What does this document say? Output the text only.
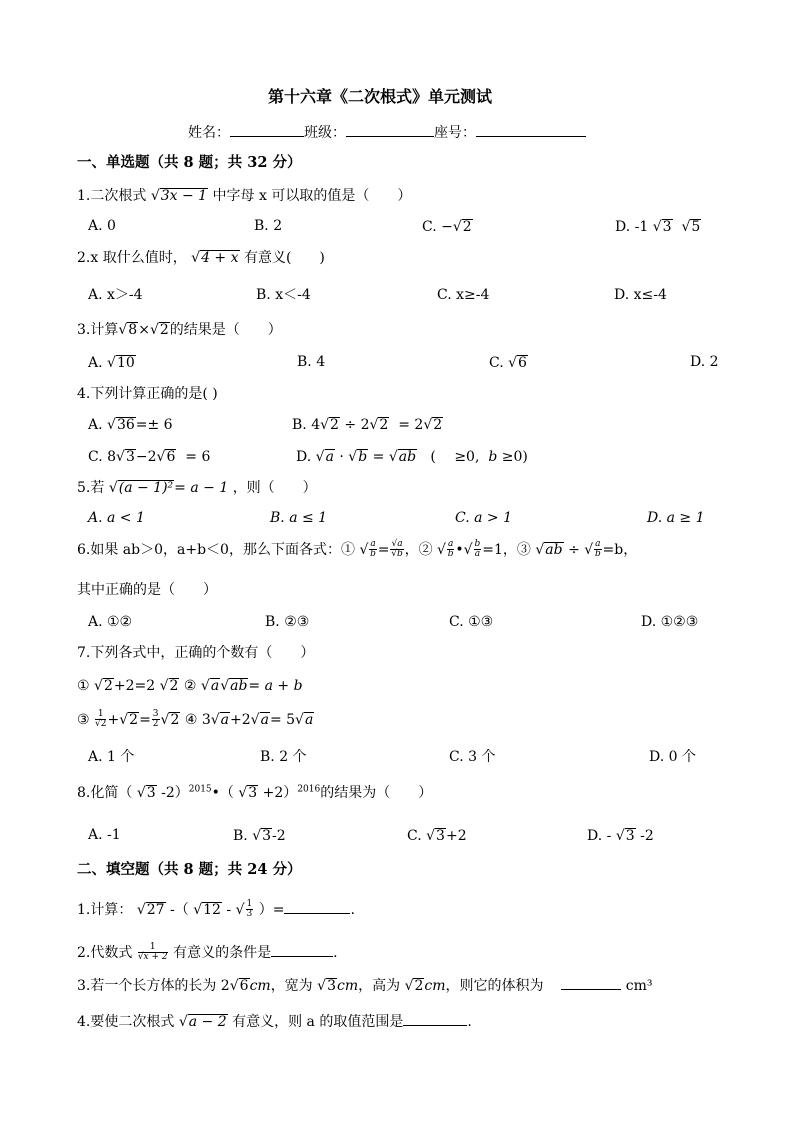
第十六章《二次根式》单元测试
姓名：	班级：	座号：
一、单选题（共 8 题；共 32 分）
1.二次根式 √3x − 1 中字母 x 可以取的值是（　　）
A. 0	B. 2	C. −√2	D. -1 √3 √5
2.x 取什么值时， √4 + x 有意义(　　)
A. x＞-4	B. x＜-4	C. x≥-4	D. x≤-4
3.计算√8×√2的结果是（　　）
A. √10	B. 4	C. √6	D. 2
4.下列计算正确的是( )
A. √36=± 6	B. 4√2 ÷ 2√2 = 2√2
C. 8√3−2√6 = 6	D. √a · √b = √ab (　 ≥0, b ≥0)
5.若 √(a − 1)²= a − 1 ，则（　　）
A. a < 1	B. a ≤ 1	C. a > 1	D. a ≥ 1
6.如果 ab＞0，a+b＜0，那么下面各式：① √ $\frac{a}{b} = \frac{√a}{√b}$ ，② √ $\frac{a}{b}$ •√ $\frac{b}{a} =1$，③ √ab ÷ √ $\frac{a}{b} =b$，
其中正确的是（　　）
A. ①②	B. ②③	C. ①③	D. ①②③
7.下列各式中，正确的个数有（　　）
① √2+2=2 √2 ② √a√ab= a + b
③ $\frac{1}{√2} +√2= \frac{3}{2} √2$ ④ 3√a+2√a= 5√a
A. 1 个	B. 2 个	C. 3 个	D. 0 个
8.化简（ √3 -2）$^{2015}$•（ √3 +2）$^{2016}$的结果为（　　）
A. -1	B. √3-2	C. √3+2	D. - √3 -2
二、填空题（共 8 题；共 24 分）
1.计算： √27 -（ √12 - √ $\frac{1}{3}$ ）=	.
2.代数式 $\frac{1}{√x + 2}$ 有意义的条件是	.
3.若一个长方体的长为 2√6cm，宽为 √3cm，高为 √2cm，则它的体积为	cm³
4.要使二次根式 √a − 2 有意义，则 a 的取值范围是	.
